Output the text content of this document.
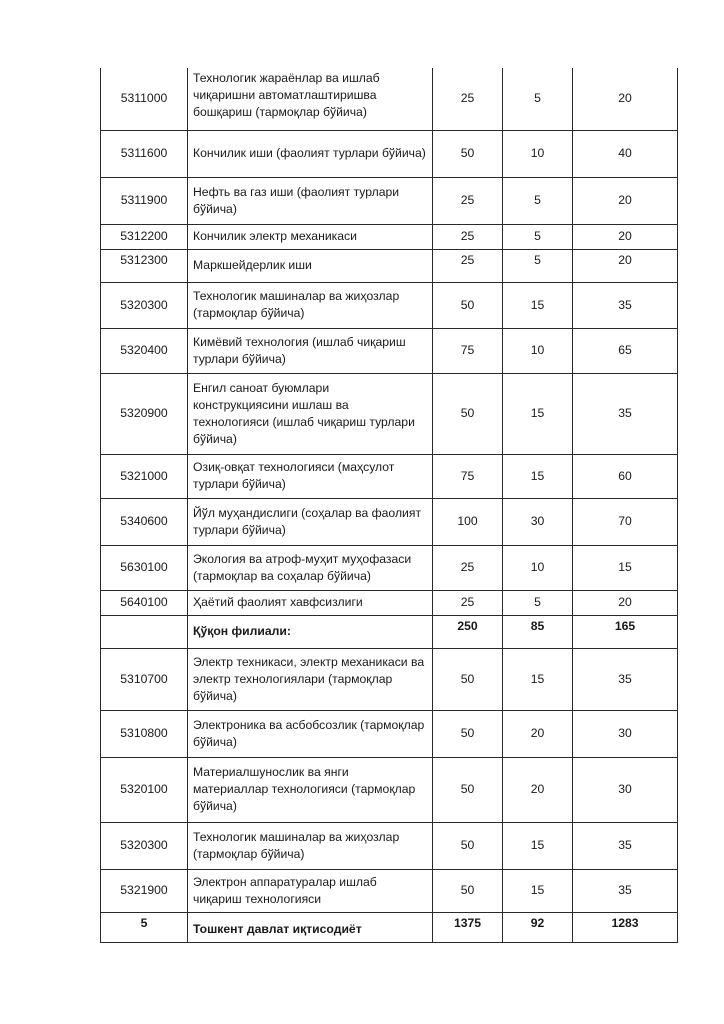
5311000	Технологик жараёнлар ва ишлаб чиқаришни автоматлаштиришва бошқариш (тармоқлар бўйича)	25	5	20
5311600	Кончилик иши (фаолият турлари бўйича)	50	10	40
5311900	Нефть ва газ иши (фаолият турлари бўйича)	25	5	20
5312200	Кончилик электр механикаси	25	5	20
5312300	Маркшейдерлик иши	25	5	20
5320300	Технологик машиналар ва жиҳозлар (тармоқлар бўйича)	50	15	35
5320400	Кимёвий технология (ишлаб чиқариш турлари бўйича)	75	10	65
5320900	Енгил саноат буюмлари конструкциясини ишлаш ва технологияси (ишлаб чиқариш турлари бўйича)	50	15	35
5321000	Озиқ-овқат технологияси (маҳсулот турлари бўйича)	75	15	60
5340600	Йўл муҳандислиги (соҳалар ва фаолият турлари бўйича)	100	30	70
5630100	Экология ва атроф-муҳит муҳофазаси (тармоқлар ва соҳалар бўйича)	25	10	15
5640100	Ҳаётий фаолият хавфсизлиги	25	5	20
	Қўқон филиали:	250	85	165
5310700	Электр техникаси, электр механикаси ва электр технологиялари (тармоқлар бўйича)	50	15	35
5310800	Электроника ва асбобсозлик (тармоқлар бўйича)	50	20	30
5320100	Материалшунослик ва янги материаллар технологияси (тармоқлар бўйича)	50	20	30
5320300	Технологик машиналар ва жиҳозлар (тармоқлар бўйича)	50	15	35
5321900	Электрон аппаратуралар ишлаб чиқариш технологияси	50	15	35
5	Тошкент давлат иқтисодиёт	1375	92	1283
